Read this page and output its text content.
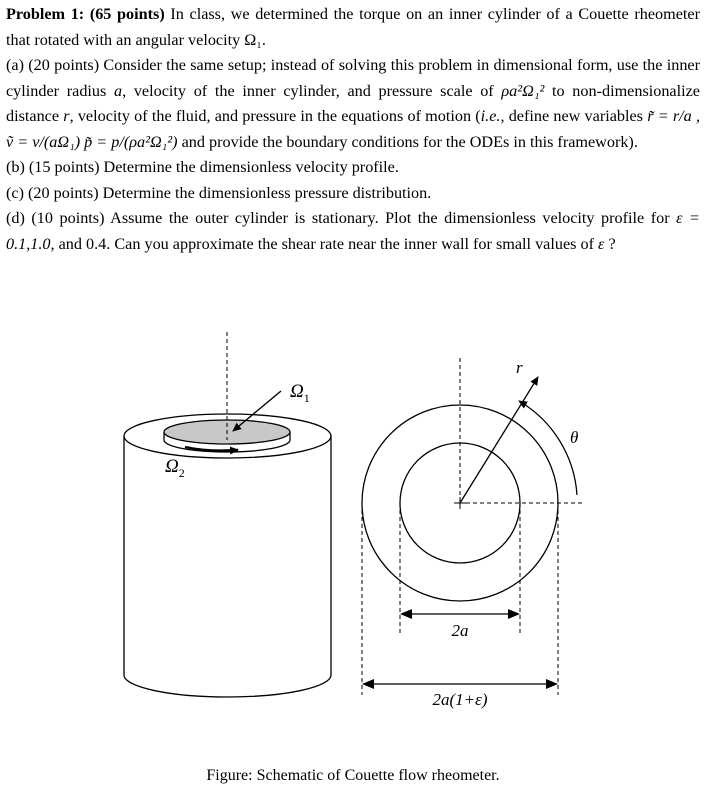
Problem 1: (65 points) In class, we determined the torque on an inner cylinder of a Couette rheometer that rotated with an angular velocity Ω₁.

(a) (20 points) Consider the same setup; instead of solving this problem in dimensional form, use the inner cylinder radius a, velocity of the inner cylinder, and pressure scale of ρa²Ω₁² to non-dimensionalize distance r, velocity of the fluid, and pressure in the equations of motion (i.e., define new variables r̃ = r/a , ṽ = v/(aΩ₁) p̃ = p/(ρa²Ω₁²) and provide the boundary conditions for the ODEs in this framework).

(b) (15 points) Determine the dimensionless velocity profile.

(c) (20 points) Determine the dimensionless pressure distribution.

(d) (10 points) Assume the outer cylinder is stationary. Plot the dimensionless velocity profile for ε = 0.1,1.0, and 0.4. Can you approximate the shear rate near the inner wall for small values of ε ?

$\Omega_1$
$\Omega_2$
r
θ
2a
2a(1+ε)
Figure: Schematic of Couette flow rheometer.
